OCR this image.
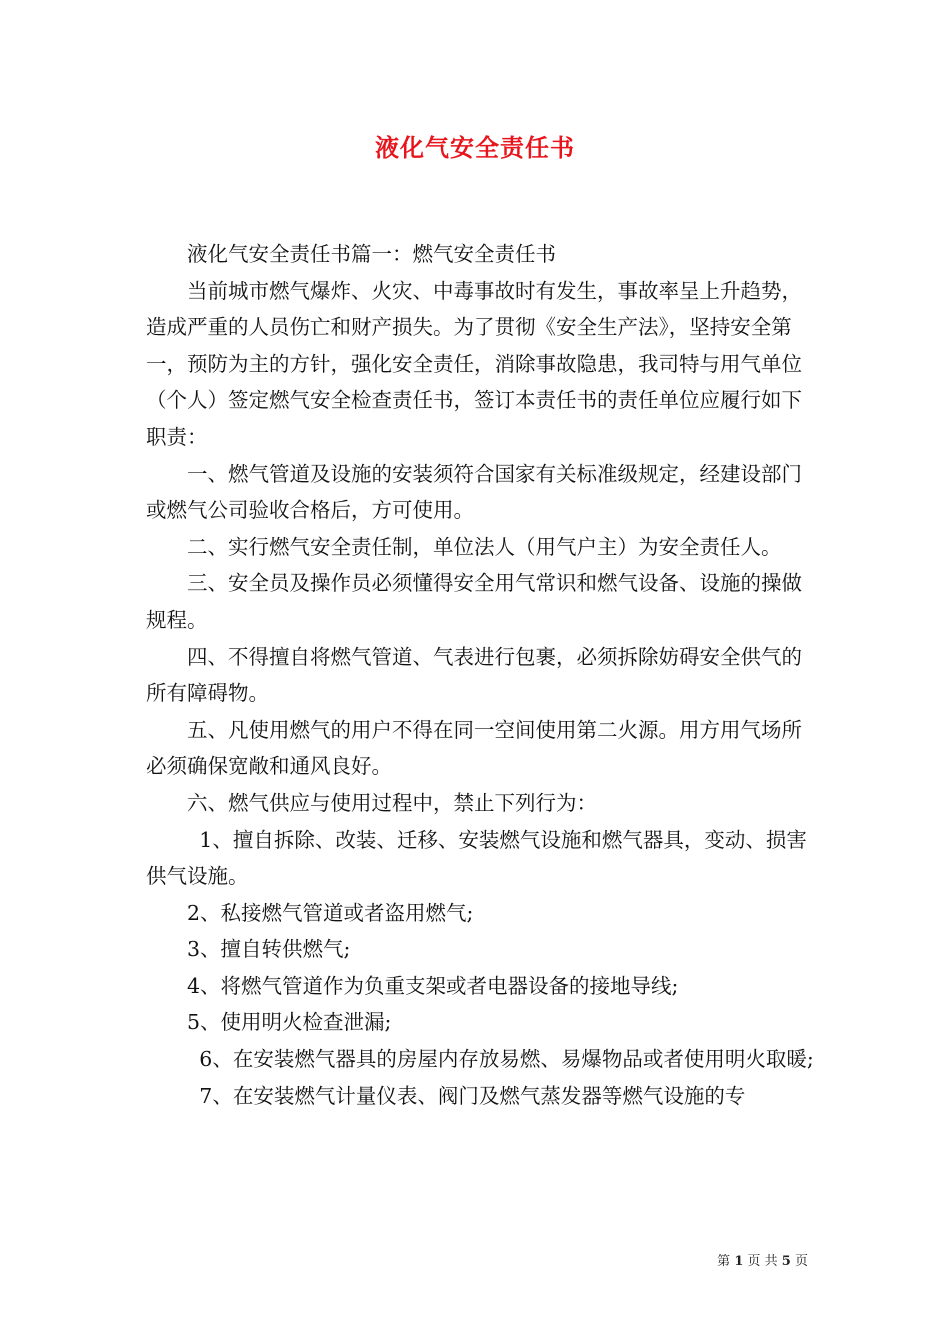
液化气安全责任书

液化气安全责任书篇一：燃气安全责任书

当前城市燃气爆炸、火灾、中毒事故时有发生，事故率呈上升趋势，造成严重的人员伤亡和财产损失。为了贯彻《安全生产法》，坚持安全第一，预防为主的方针，强化安全责任，消除事故隐患，我司特与用气单位（个人）签定燃气安全检查责任书，签订本责任书的责任单位应履行如下职责：

一、燃气管道及设施的安装须符合国家有关标准级规定，经建设部门或燃气公司验收合格后，方可使用。

二、实行燃气安全责任制，单位法人（用气户主）为安全责任人。

三、安全员及操作员必须懂得安全用气常识和燃气设备、设施的操做规程。

四、不得擅自将燃气管道、气表进行包裹，必须拆除妨碍安全供气的所有障碍物。

五、凡使用燃气的用户不得在同一空间使用第二火源。用方用气场所必须确保宽敞和通风良好。

六、燃气供应与使用过程中，禁止下列行为：

1、擅自拆除、改装、迁移、安装燃气设施和燃气器具，变动、损害供气设施。

2、私接燃气管道或者盗用燃气;

3、擅自转供燃气;

4、将燃气管道作为负重支架或者电器设备的接地导线;

5、使用明火检查泄漏;

6、在安装燃气器具的房屋内存放易燃、易爆物品或者使用明火取暖;

7、在安装燃气计量仪表、阀门及燃气蒸发器等燃气设施的专

第 1 页 共 5 页
